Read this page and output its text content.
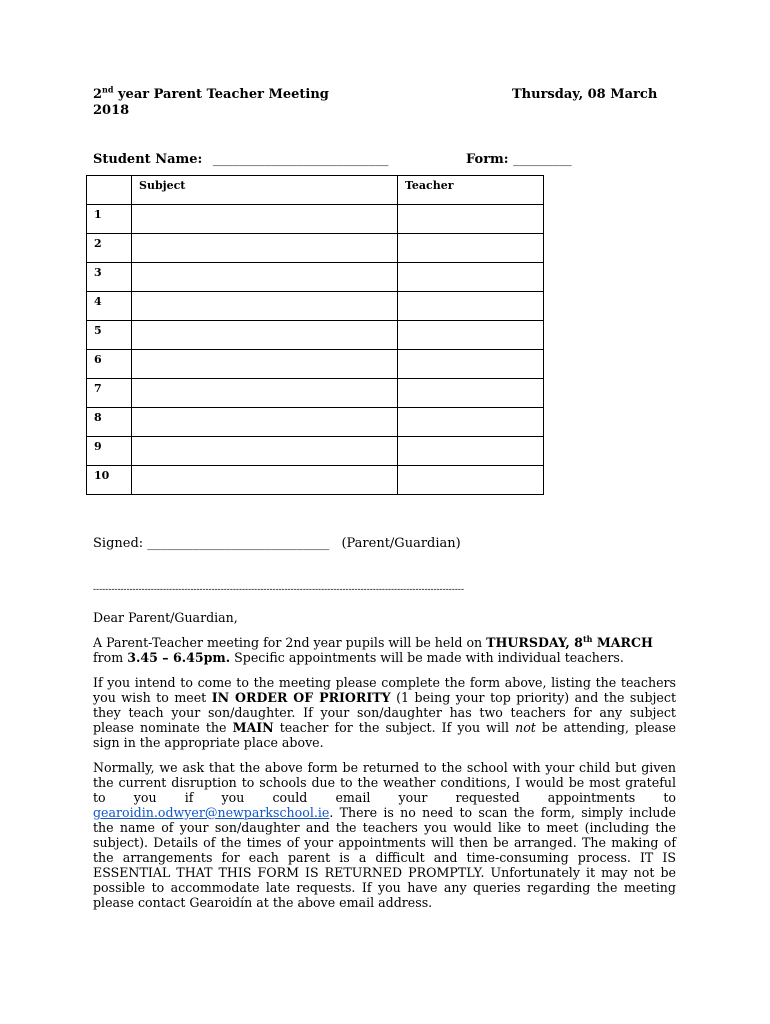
2nd year Parent Teacher Meeting	Thursday, 08 March
2018
Student Name: ___________________________	Form: _________
	Subject	Teacher
1		
2		
3		
4		
5		
6		
7		
8		
9		
10		
Signed: ____________________________ (Parent/Guardian)
--------------------------------------------------------------------------------------------------------------------------

Dear Parent/Guardian,

A Parent-Teacher meeting for 2nd year pupils will be held on THURSDAY, 8th MARCH
from 3.45 – 6.45pm. Specific appointments will be made with individual teachers.

If you intend to come to the meeting please complete the form above, listing the teachers you wish to meet IN ORDER OF PRIORITY (1 being your top priority) and the subject they teach your son/daughter. If your son/daughter has two teachers for any subject please nominate the MAIN teacher for the subject. If you will not be attending, please sign in the appropriate place above.

Normally, we ask that the above form be returned to the school with your child but given the current disruption to schools due to the weather conditions, I would be most grateful to you if you could email your requested appointments to gearoidin.odwyer@newparkschool.ie. There is no need to scan the form, simply include the name of your son/daughter and the teachers you would like to meet (including the subject). Details of the times of your appointments will then be arranged. The making of the arrangements for each parent is a difficult and time-consuming process. IT IS ESSENTIAL THAT THIS FORM IS RETURNED PROMPTLY. Unfortunately it may not be possible to accommodate late requests. If you have any queries regarding the meeting please contact Gearoidín at the above email address.
